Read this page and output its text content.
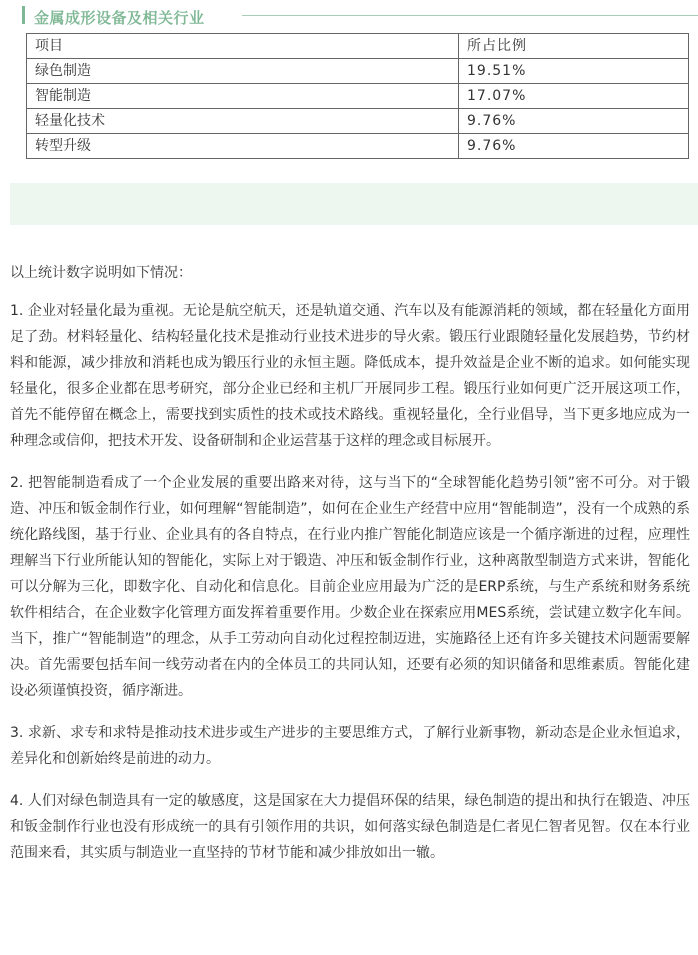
金属成形设备及相关行业
项目	所占比例
绿色制造	19.51%
智能制造	17.07%
轻量化技术	9.76%
转型升级	9.76%

以上统计数字说明如下情况：

1. 企业对轻量化最为重视。无论是航空航天，还是轨道交通、汽车以及有能源消耗的领域，都在轻量化方面用足了劲。材料轻量化、结构轻量化技术是推动行业技术进步的导火索。锻压行业跟随轻量化发展趋势，节约材料和能源，减少排放和消耗也成为锻压行业的永恒主题。降低成本，提升效益是企业不断的追求。如何能实现轻量化，很多企业都在思考研究，部分企业已经和主机厂开展同步工程。锻压行业如何更广泛开展这项工作，首先不能停留在概念上，需要找到实质性的技术或技术路线。重视轻量化，全行业倡导，当下更多地应成为一种理念或信仰，把技术开发、设备研制和企业运营基于这样的理念或目标展开。

2. 把智能制造看成了一个企业发展的重要出路来对待，这与当下的“全球智能化趋势引领”密不可分。对于锻造、冲压和钣金制作行业，如何理解“智能制造”，如何在企业生产经营中应用“智能制造”，没有一个成熟的系统化路线图，基于行业、企业具有的各自特点，在行业内推广智能化制造应该是一个循序渐进的过程，应理性理解当下行业所能认知的智能化，实际上对于锻造、冲压和钣金制作行业，这种离散型制造方式来讲，智能化可以分解为三化，即数字化、自动化和信息化。目前企业应用最为广泛的是ERP系统，与生产系统和财务系统软件相结合，在企业数字化管理方面发挥着重要作用。少数企业在探索应用MES系统，尝试建立数字化车间。当下，推广“智能制造”的理念，从手工劳动向自动化过程控制迈进，实施路径上还有许多关键技术问题需要解决。首先需要包括车间一线劳动者在内的全体员工的共同认知，还要有必须的知识储备和思维素质。智能化建设必须谨慎投资，循序渐进。

3. 求新、求专和求特是推动技术进步或生产进步的主要思维方式，了解行业新事物，新动态是企业永恒追求，差异化和创新始终是前进的动力。

4. 人们对绿色制造具有一定的敏感度，这是国家在大力提倡环保的结果，绿色制造的提出和执行在锻造、冲压和钣金制作行业也没有形成统一的具有引领作用的共识，如何落实绿色制造是仁者见仁智者见智。仅在本行业范围来看，其实质与制造业一直坚持的节材节能和减少排放如出一辙。
